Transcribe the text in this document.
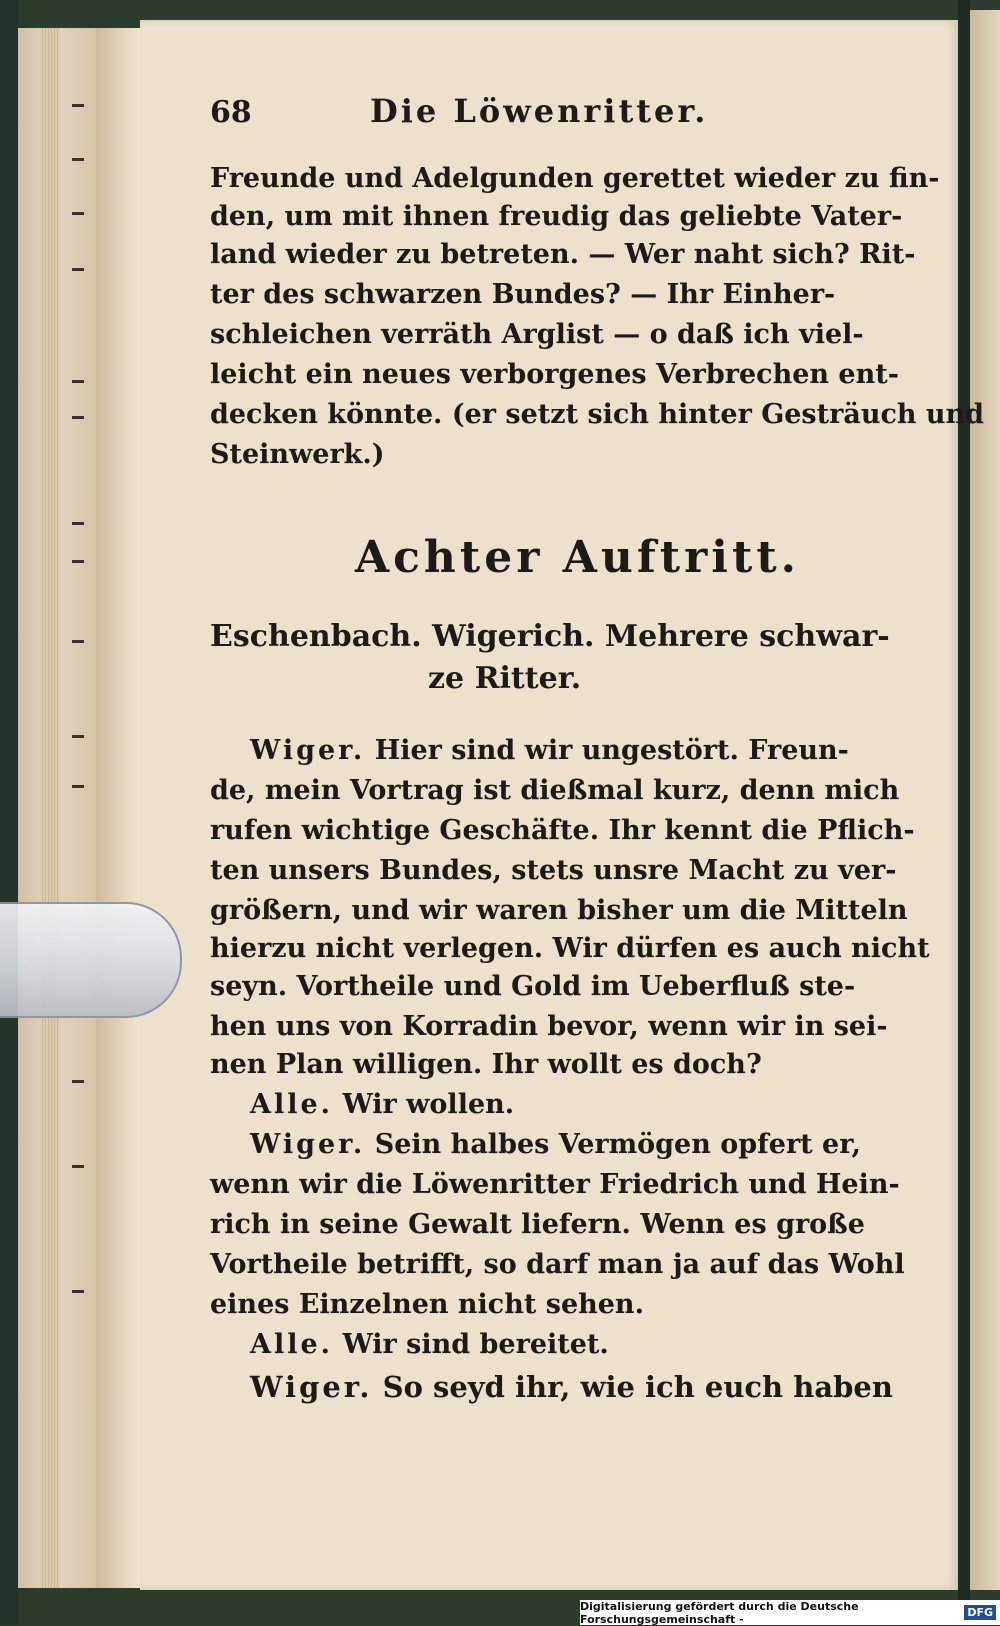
68	Die Löwenritter.

Freunde und Adelgunden gerettet wieder zu fin-

den, um mit ihnen freudig das geliebte Vater-

land wieder zu betreten. — Wer naht sich? Rit-

ter des schwarzen Bundes? — Ihr Einher-

schleichen verräth Arglist — o daß ich viel-

leicht ein neues verborgenes Verbrechen ent-

decken könnte. (er setzt sich hinter Gesträuch und

Steinwerk.)

Achter Auftritt.

Eschenbach. Wigerich. Mehrere schwar-

ze Ritter.

Wiger. Hier sind wir ungestört. Freun-

de, mein Vortrag ist dießmal kurz, denn mich

rufen wichtige Geschäfte. Ihr kennt die Pflich-

ten unsers Bundes, stets unsre Macht zu ver-

größern, und wir waren bisher um die Mitteln

hierzu nicht verlegen. Wir dürfen es auch nicht

seyn. Vortheile und Gold im Ueberfluß ste-

hen uns von Korradin bevor, wenn wir in sei-

nen Plan willigen. Ihr wollt es doch?

Alle. Wir wollen.

Wiger. Sein halbes Vermögen opfert er,

wenn wir die Löwenritter Friedrich und Hein-

rich in seine Gewalt liefern. Wenn es große

Vortheile betrifft, so darf man ja auf das Wohl

eines Einzelnen nicht sehen.

Alle. Wir sind bereitet.

Wiger. So seyd ihr, wie ich euch haben

Digitalisierung gefördert durch die Deutsche Forschungsgemeinschaft -	DFG
